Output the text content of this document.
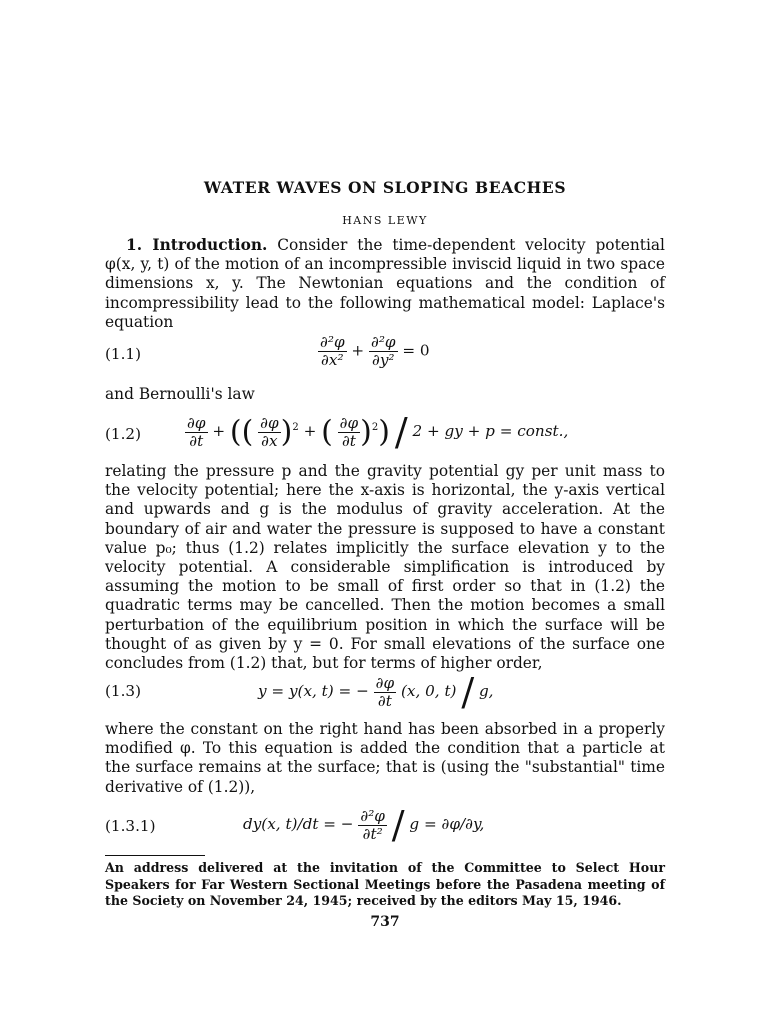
WATER WAVES ON SLOPING BEACHES
HANS LEWY

1. Introduction. Consider the time-dependent velocity potential φ(x, y, t) of the motion of an incompressible inviscid liquid in two space dimensions x, y. The Newtonian equations and the condition of incompressibility lead to the following mathematical model: Laplace's equation

(1.1)	$\frac{\text{∂²φ}}{\text{∂x²}} + \frac{\text{∂²φ}}{\text{∂y²}} = 0$

and Bernoulli's law

(1.2)	$\frac{\partial\varphi}{\partial t}$ + (( $\frac{\partial\varphi}{\partial x} )^2$ + ( $\frac{\partial\varphi}{\partial t} )^2) / 2$ + gy + p = const.,

relating the pressure p and the gravity potential gy per unit mass to the velocity potential; here the x-axis is horizontal, the y-axis vertical and upwards and g is the modulus of gravity acceleration. At the boundary of air and water the pressure is supposed to have a constant value p₀; thus (1.2) relates implicitly the surface elevation y to the velocity potential. A considerable simplification is introduced by assuming the motion to be small of first order so that in (1.2) the quadratic terms may be cancelled. Then the motion becomes a small perturbation of the equilibrium position in which the surface will be thought of as given by y = 0. For small elevations of the surface one concludes from (1.2) that, but for terms of higher order,

(1.3)	y = y(x, t) = − $\frac{\partial\varphi}{\partial t} (x$, 0, t) / g,

where the constant on the right hand has been absorbed in a properly modified φ. To this equation is added the condition that a particle at the surface remains at the surface; that is (using the "substantial" time derivative of (1.2)),

(1.3.1)	dy(x, t)/dt = − $\frac{\text{∂²φ}}{\text{∂t²}} / g = \partial\varphi/\partial y$,

An address delivered at the invitation of the Committee to Select Hour Speakers for Far Western Sectional Meetings before the Pasadena meeting of the Society on November 24, 1945; received by the editors May 15, 1946.

737
